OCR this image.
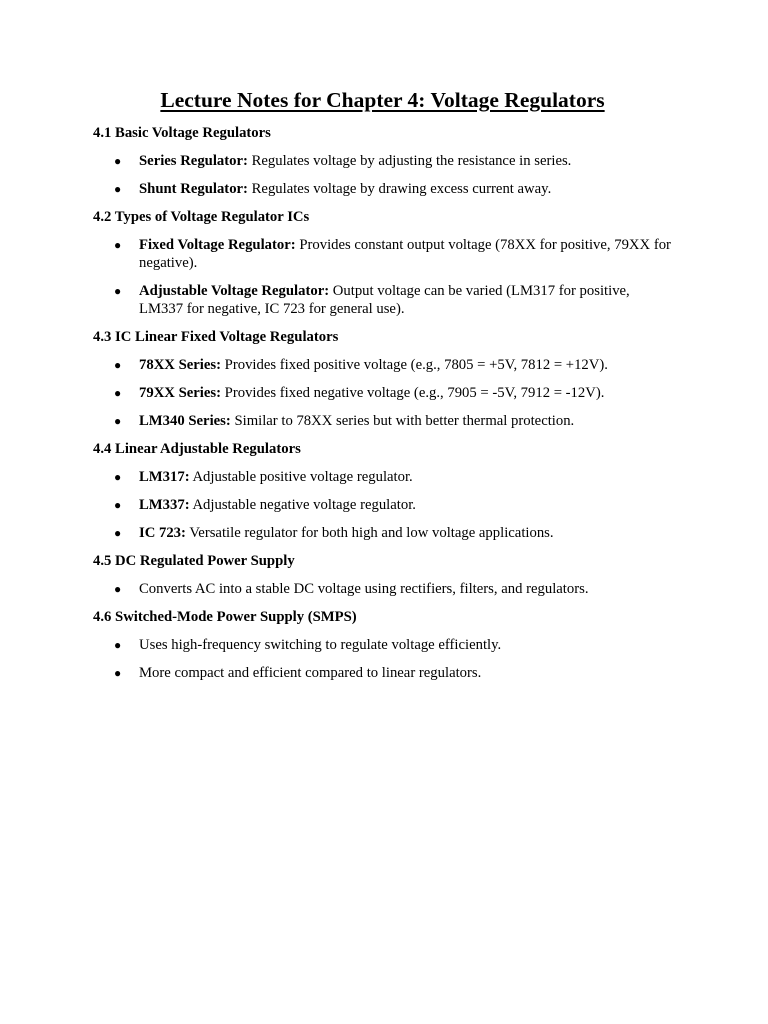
Lecture Notes for Chapter 4: Voltage Regulators
4.1 Basic Voltage Regulators
● Series Regulator: Regulates voltage by adjusting the resistance in series.
● Shunt Regulator: Regulates voltage by drawing excess current away.
4.2 Types of Voltage Regulator ICs
● Fixed Voltage Regulator: Provides constant output voltage (78XX for positive, 79XX for negative).
● Adjustable Voltage Regulator: Output voltage can be varied (LM317 for positive, LM337 for negative, IC 723 for general use).
4.3 IC Linear Fixed Voltage Regulators
● 78XX Series: Provides fixed positive voltage (e.g., 7805 = +5V, 7812 = +12V).
● 79XX Series: Provides fixed negative voltage (e.g., 7905 = -5V, 7912 = -12V).
● LM340 Series: Similar to 78XX series but with better thermal protection.
4.4 Linear Adjustable Regulators
● LM317: Adjustable positive voltage regulator.
● LM337: Adjustable negative voltage regulator.
● IC 723: Versatile regulator for both high and low voltage applications.
4.5 DC Regulated Power Supply
● Converts AC into a stable DC voltage using rectifiers, filters, and regulators.
4.6 Switched-Mode Power Supply (SMPS)
● Uses high-frequency switching to regulate voltage efficiently.
● More compact and efficient compared to linear regulators.
